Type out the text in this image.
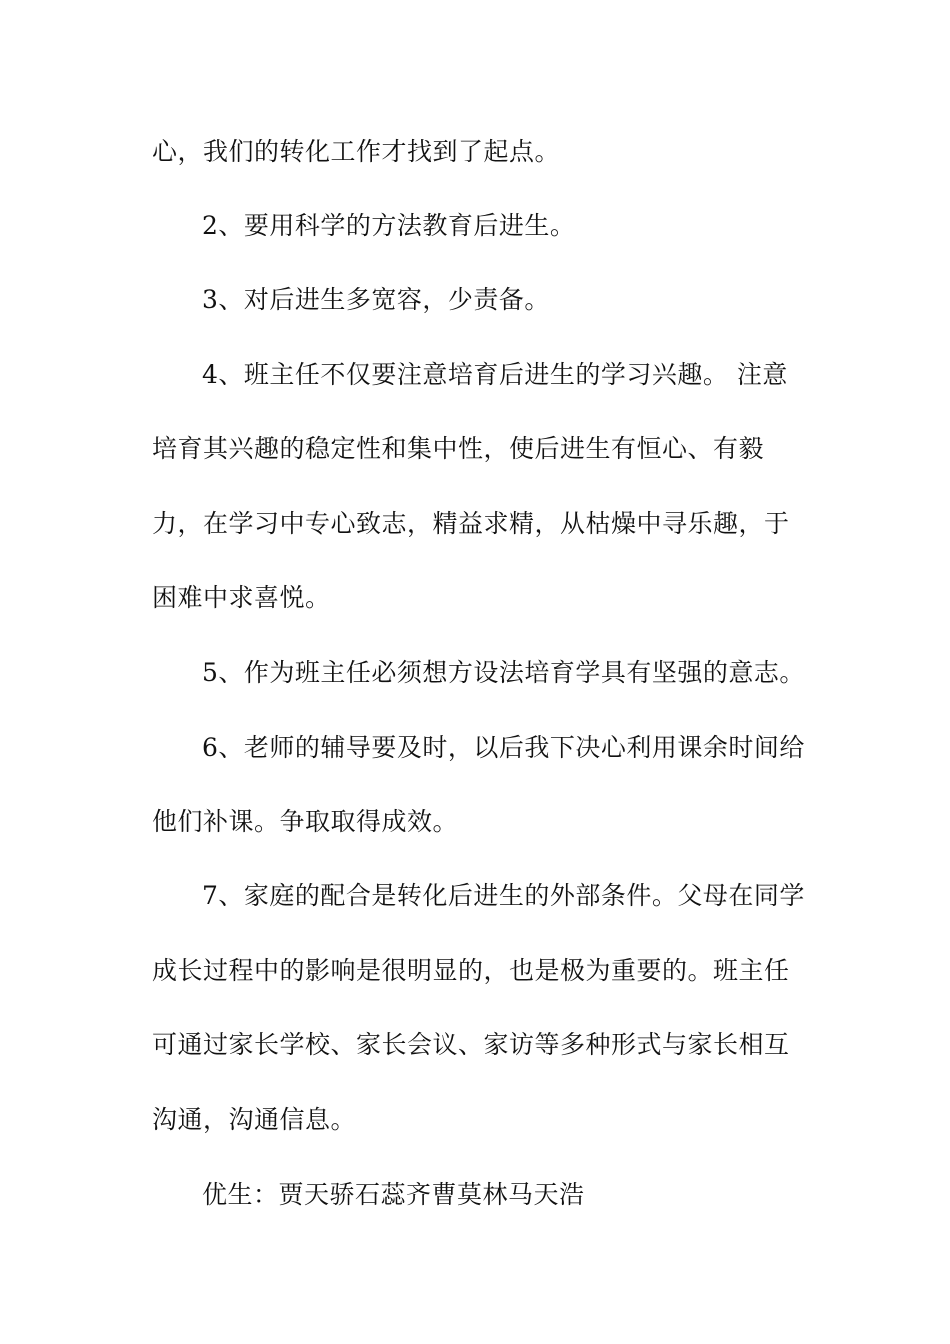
心，我们的转化工作才找到了起点。
2、要用科学的方法教育后进生。
3、对后进生多宽容，少责备。
4、班主任不仅要注意培育后进生的学习兴趣。 注意
培育其兴趣的稳定性和集中性，使后进生有恒心、有毅
力，在学习中专心致志，精益求精，从枯燥中寻乐趣，于
困难中求喜悦。
5、作为班主任必须想方设法培育学具有坚强的意志。
6、老师的辅导要及时，以后我下决心利用课余时间给
他们补课。争取取得成效。
7、家庭的配合是转化后进生的外部条件。父母在同学
成长过程中的影响是很明显的，也是极为重要的。班主任
可通过家长学校、家长会议、家访等多种形式与家长相互
沟通，沟通信息。
优生：贾天骄石蕊齐曹莫林马天浩
